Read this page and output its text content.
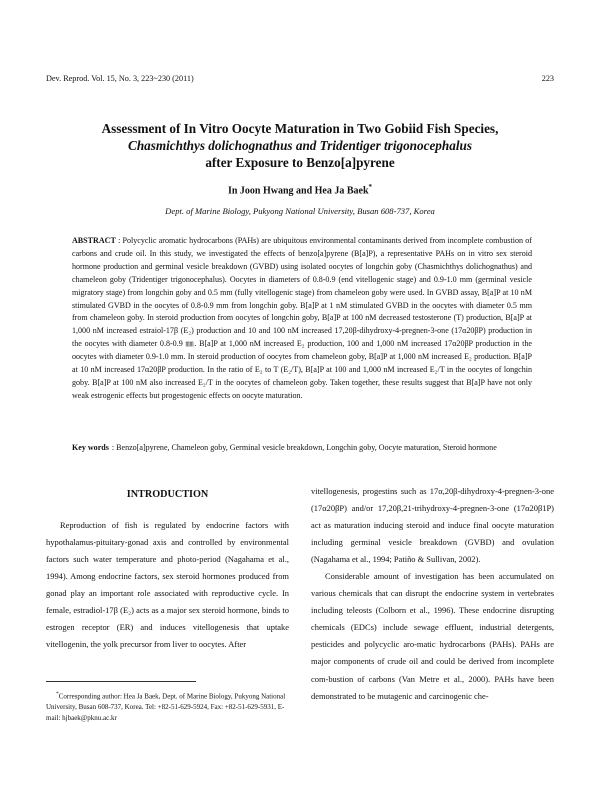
Dev. Reprod. Vol. 15, No. 3, 223~230 (2011)	223
Assessment of In Vitro Oocyte Maturation in Two Gobiid Fish Species,
Chasmichthys dolichognathus and Tridentiger trigonocephalus
after Exposure to Benzo[a]pyrene
In Joon Hwang and Hea Ja Baek*
Dept. of Marine Biology, Pukyong National University, Busan 608-737, Korea
ABSTRACT : Polycyclic aromatic hydrocarbons (PAHs) are ubiquitous environmental contaminants derived from incomplete combustion of carbons and crude oil. In this study, we investigated the effects of benzo[a]pyrene (B[a]P), a representative PAHs on in vitro sex steroid hormone production and germinal vesicle breakdown (GVBD) using isolated oocytes of longchin goby (Chasmichthys dolichognathus) and chameleon goby (Tridentiger trigonocephalus). Oocytes in diameters of 0.8-0.9 (end vitellogenic stage) and 0.9-1.0 mm (germinal vesicle migratory stage) from longchin goby and 0.5 mm (fully vitellogenic stage) from chameleon goby were used. In GVBD assay, B[a]P at 10 nM stimulated GVBD in the oocytes of 0.8-0.9 mm from longchin goby. B[a]P at 1 nM stimulated GVBD in the oocytes with diameter 0.5 mm from chameleon goby. In steroid production from oocytes of longchin goby, B[a]P at 100 nM decreased testosterone (T) production, B[a]P at 1,000 nM increased estraiol-17β (E₂) production and 10 and 100 nM increased 17,20β-dihydroxy-4-pregnen-3-one (17α20βP) production in the oocytes with diameter 0.8-0.9 ㎜. B[a]P at 1,000 nM increased E₂ production, 100 and 1,000 nM increased 17α20βP production in the oocytes with diameter 0.9-1.0 mm. In steroid production of oocytes from chameleon goby, B[a]P at 1,000 nM increased E₂ production. B[a]P at 10 nM increased 17α20βP production. In the ratio of E₂ to T (E₂/T), B[a]P at 100 and 1,000 nM increased E₂/T in the oocytes of longchin goby. B[a]P at 100 nM also increased E₂/T in the oocytes of chameleon goby. Taken together, these results suggest that B[a]P have not only weak estrogenic effects but progestogenic effects on oocyte maturation.
Key words : Benzo[a]pyrene, Chameleon goby, Germinal vesicle breakdown, Longchin goby, Oocyte maturation, Steroid hormone
INTRODUCTION

Reproduction of fish is regulated by endocrine factors with hypothalamus-pituitary-gonad axis and controlled by environmental factors such water temperature and photo-period (Nagahama et al., 1994). Among endocrine factors, sex steroid hormones produced from gonad play an important role associated with reproductive cycle. In female, estradiol-17β (E₂) acts as a major sex steroid hormone, binds to estrogen receptor (ER) and induces vitellogenesis that uptake vitellogenin, the yolk precursor from liver to oocytes. After

vitellogenesis, progestins such as 17α,20β-dihydroxy-4-pregnen-3-one (17α20βP) and/or 17,20β,21-trihydroxy-4-pregnen-3-one (17α20β1P) act as maturation inducing steroid and induce final oocyte maturation including germinal vesicle breakdown (GVBD) and ovulation (Nagahama et al., 1994; Patiño & Sullivan, 2002).

Considerable amount of investigation has been accumulated on various chemicals that can disrupt the endocrine system in vertebrates including teleosts (Colborn et al., 1996). These endocrine disrupting chemicals (EDCs) include sewage effluent, industrial detergents, pesticides and polycyclic aro-matic hydrocarbons (PAHs). PAHs are major components of crude oil and could be derived from incomplete com-bustion of carbons (Van Metre et al., 2000). PAHs have been demonstrated to be mutagenic and carcinogenic che-

*Corresponding author: Hea Ja Baek, Dept. of Marine Biology, Pukyong National University, Busan 608-737, Korea. Tel: +82-51-629-5924, Fax: +82-51-629-5931, E-mail: hjbaek@pknu.ac.kr
